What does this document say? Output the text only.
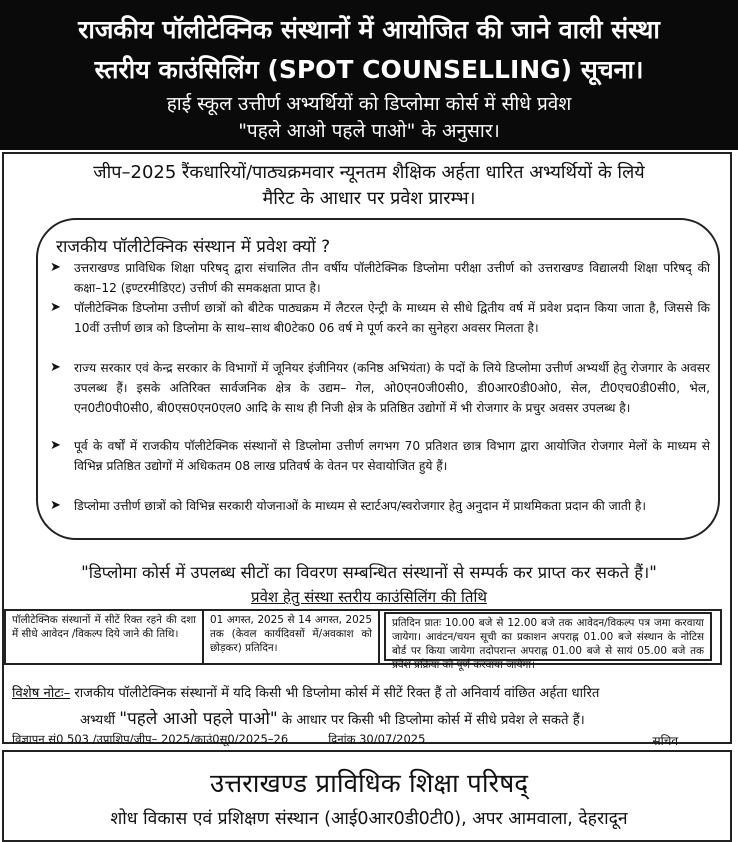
राजकीय पॉलीटेक्निक संस्थानों में आयोजित की जाने वाली संस्था
स्तरीय काउंसिलिंग (SPOT COUNSELLING) सूचना।
हाई स्कूल उत्तीर्ण अभ्यर्थियों को डिप्लोमा कोर्स में सीधे प्रवेश
"पहले आओ पहले पाओ" के अनुसार।
जीप–2025 रैंकधारियों/पाठ्यक्रमवार न्यूनतम शैक्षिक अर्हता धारित अभ्यर्थियों के लिये
मैरिट के आधार पर प्रवेश प्रारम्भ।
राजकीय पॉलीटेक्निक संस्थान में प्रवेश क्यों ?
➤ उत्तराखण्ड प्राविधिक शिक्षा परिषद् द्वारा संचालित तीन वर्षीय पॉलीटेक्निक डिप्लोमा परीक्षा उत्तीर्ण को उत्तराखण्ड विद्यालयी शिक्षा परिषद् की कक्षा–12 (इण्टरमीडिएट) उत्तीर्ण की समकक्षता प्राप्त है।
➤ पॉलीटेक्निक डिप्लोमा उत्तीर्ण छात्रों को बीटेक पाठ्यक्रम में लैटरल ऐन्ट्री के माध्यम से सीधे द्वितीय वर्ष में प्रवेश प्रदान किया जाता है, जिससे कि 10वीं उत्तीर्ण छात्र को डिप्लोमा के साथ–साथ बी0टेक0 06 वर्ष मे पूर्ण करने का सुनेहरा अवसर मिलता है।
➤ राज्य सरकार एवं केन्द्र सरकार के विभागों में जूनियर इंजीनियर (कनिष्ठ अभियंता) के पदों के लिये डिप्लोमा उत्तीर्ण अभ्यर्थी हेतु रोजगार के अवसर उपलब्ध हैं। इसके अतिरिक्त सार्वजनिक क्षेत्र के उद्यम– गेल, ओ0एन0जी0सी0, डी0आर0डी0ओ0, सेल, टी0एच0डी0सी0, भेल, एन0टी0पी0सी0, बी0एस0एन0एल0 आदि के साथ ही निजी क्षेत्र के प्रतिष्ठित उद्योगों में भी रोजगार के प्रचुर अवसर उपलब्ध है।
➤ पूर्व के वर्षों में राजकीय पॉलीटेक्निक संस्थानों से डिप्लोमा उत्तीर्ण लगभग 70 प्रतिशत छात्र विभाग द्वारा आयोजित रोजगार मेलों के माध्यम से विभिन्न प्रतिष्ठित उद्योगों में अधिकतम 08 लाख प्रतिवर्ष के वेतन पर सेवायोजित हुये हैं।
➤ डिप्लोमा उत्तीर्ण छात्रों को विभिन्न सरकारी योजनाओं के माध्यम से स्टार्टअप/स्वरोजगार हेतु अनुदान में प्राथमिकता प्रदान की जाती है।
"डिप्लोमा कोर्स में उपलब्ध सीटों का विवरण सम्बन्धित संस्थानों से सम्पर्क कर प्राप्त कर सकते हैं।"
प्रवेश हेतु संस्था स्तरीय काउंसिलिंग की तिथि
पॉलीटेक्निक संस्थानों में सीटें रिक्त रहने की दशा में सीधे आवेदन /विकल्प दिये जाने की तिथि।
01 अगस्त, 2025 से 14 अगस्त, 2025 तक (केवल कार्यदिवसों में/अवकाश को छोड़कर) प्रतिदिन।
प्रतिदिन प्रातः 10.00 बजे से 12.00 बजे तक आवेदन/विकल्प पत्र जमा करवाया जायेगा। आवंटन/चयन सूची का प्रकाशन अपराह्न 01.00 बजे संस्थान के नोटिस बोर्ड पर किया जायेगा तदोपरान्त अपराह्न 01.00 बजे से सायं 05.00 बजे तक प्रवेश प्रक्रिया को पूर्ण करवाया जायेगा।
विशेष नोटः– राजकीय पॉलीटेक्निक संस्थानों में यदि किसी भी डिप्लोमा कोर्स में सीटें रिक्त हैं तो अनिवार्य वांछित अर्हता धारित
अभ्यर्थी "पहले आओ पहले पाओ" के आधार पर किसी भी डिप्लोमा कोर्स में सीधे प्रवेश ले सकते हैं।
विज्ञापन सं0 503 /उप्राशिप/जीप– 2025/काउं0सू0/2025–26	दिनांक 30/07/2025	सचिव
उत्तराखण्ड प्राविधिक शिक्षा परिषद्
शोध विकास एवं प्रशिक्षण संस्थान (आई0आर0डी0टी0), अपर आमवाला, देहरादून
